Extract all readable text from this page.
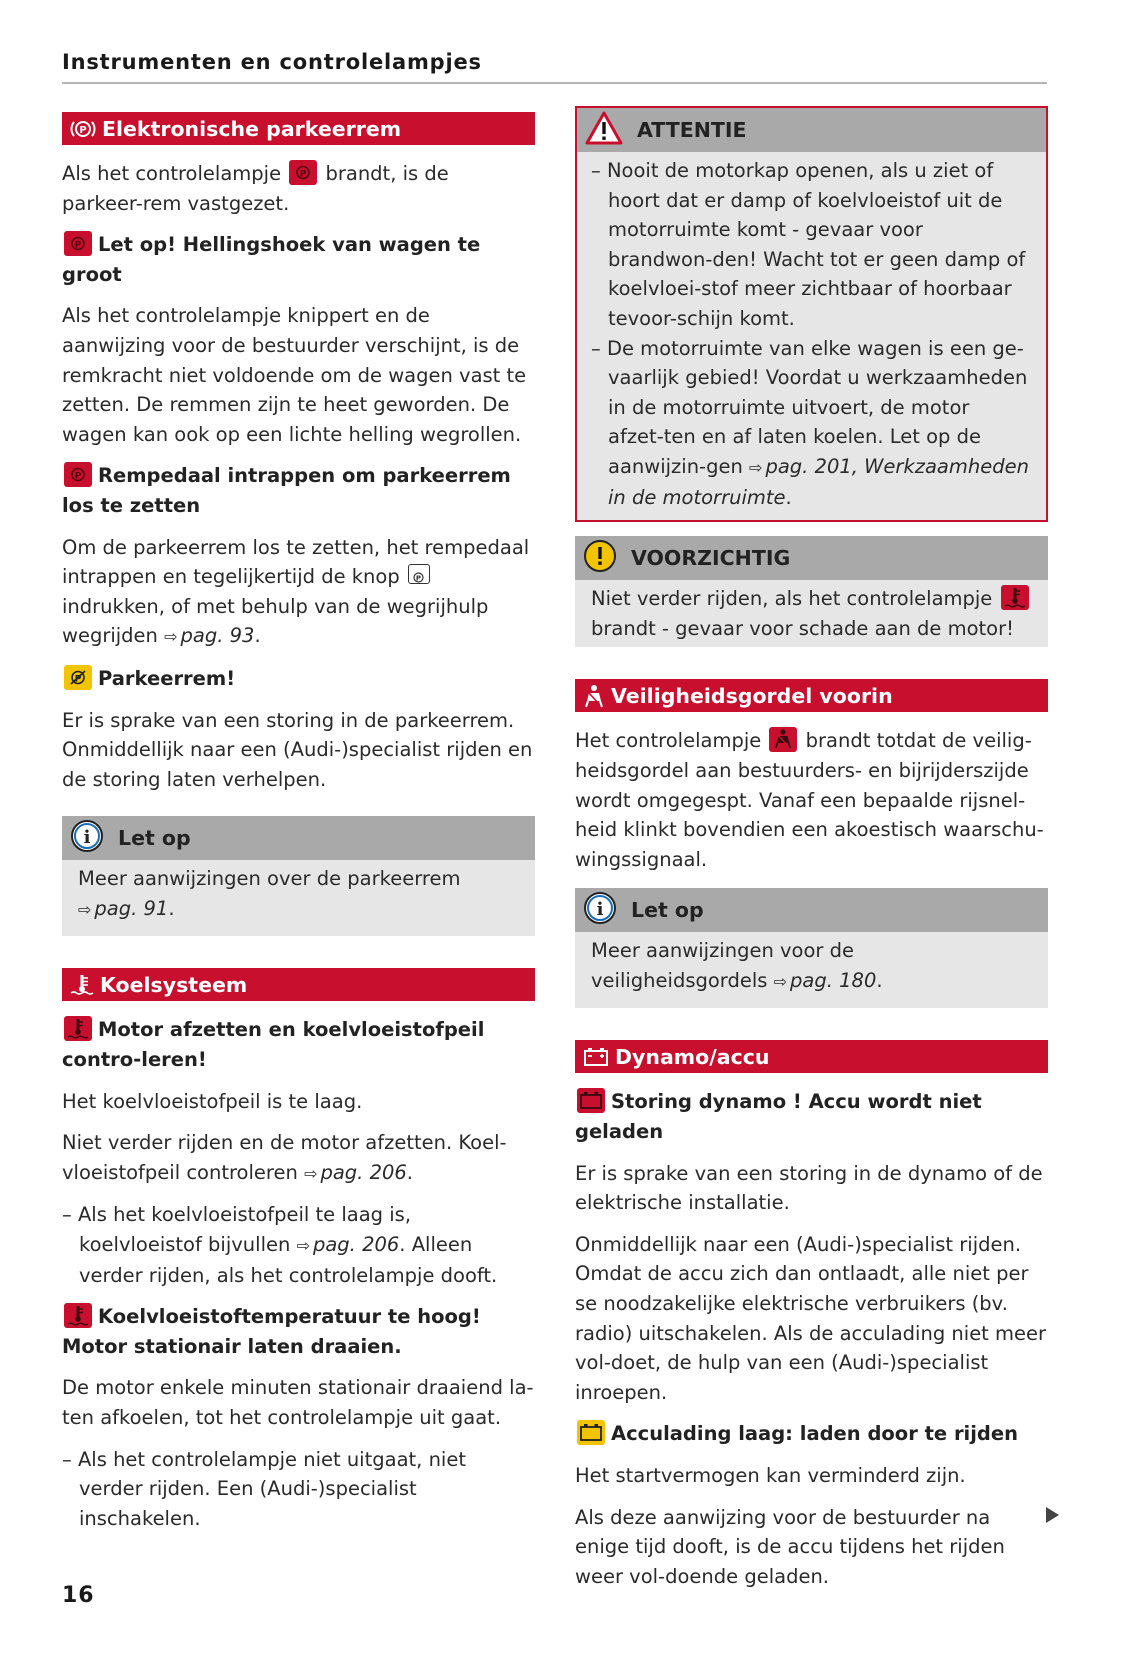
Instrumenten en controlelampjes
P Elektronische parkeerrem

Als het controlelampje P brandt, is de parkeer-rem vastgezet.

P Let op! Hellingshoek van wagen te groot

Als het controlelampje knippert en de aanwijzing voor de bestuurder verschijnt, is de remkracht niet voldoende om de wagen vast te zetten. De remmen zijn te heet geworden. De wagen kan ook op een lichte helling wegrollen.

P Rempedaal intrappen om parkeerrem los te zetten

Om de parkeerrem los te zetten, het rempedaal intrappen en tegelijkertijd de knop P
indrukken, of met behulp van de wegrijhulp wegrijden ⇨ pag. 93.

P Parkeerrem!

Er is sprake van een storing in de parkeerrem. Onmiddellijk naar een (Audi-)specialist rijden en de storing laten verhelpen.

i Let op
Meer aanwijzingen over de parkeerrem ⇨ pag. 91.
Koelsysteem
Motor afzetten en koelvloeistofpeil contro-leren!

Het koelvloeistofpeil is te laag.

Niet verder rijden en de motor afzetten. Koel-vloeistofpeil controleren ⇨ pag. 206.

– Als het koelvloeistofpeil te laag is, koelvloeistof bijvullen ⇨ pag. 206. Alleen verder rijden, als het controlelampje dooft.
Koelvloeistoftemperatuur te hoog! Motor stationair laten draaien.

De motor enkele minuten stationair draaiend la-ten afkoelen, tot het controlelampje uit gaat.

– Als het controlelampje niet uitgaat, niet verder rijden. Een (Audi-)specialist inschakelen.
ATTENTIE
– Nooit de motorkap openen, als u ziet of hoort dat er damp of koelvloeistof uit de motorruimte komt - gevaar voor brandwon-den! Wacht tot er geen damp of koelvloei-stof meer zichtbaar of hoorbaar tevoor-schijn komt.
– De motorruimte van elke wagen is een ge-vaarlijk gebied! Voordat u werkzaamheden in de motorruimte uitvoert, de motor afzet-ten en af laten koelen. Let op de aanwijzin-gen ⇨ pag. 201, Werkzaamheden in de motorruimte.
VOORZICHTIG
Niet verder rijden, als het controlelampje  brandt - gevaar voor schade aan de motor!
Veiligheidsgordel voorin

Het controlelampje brandt totdat de veilig-heidsgordel aan bestuurders- en bijrijderszijde wordt omgegespt. Vanaf een bepaalde rijsnel-heid klinkt bovendien een akoestisch waarschu-wingssignaal.

i Let op
Meer aanwijzingen voor de veiligheidsgordels ⇨ pag. 180.
Dynamo/accu
Storing dynamo ! Accu wordt niet geladen

Er is sprake van een storing in de dynamo of de elektrische installatie.

Onmiddellijk naar een (Audi-)specialist rijden. Omdat de accu zich dan ontlaadt, alle niet per se noodzakelijke elektrische verbruikers (bv. radio) uitschakelen. Als de acculading niet meer vol-doet, de hulp van een (Audi-)specialist inroepen.

Acculading laag: laden door te rijden

Het startvermogen kan verminderd zijn.

Als deze aanwijzing voor de bestuurder na enige tijd dooft, is de accu tijdens het rijden weer vol-doende geladen.

16
